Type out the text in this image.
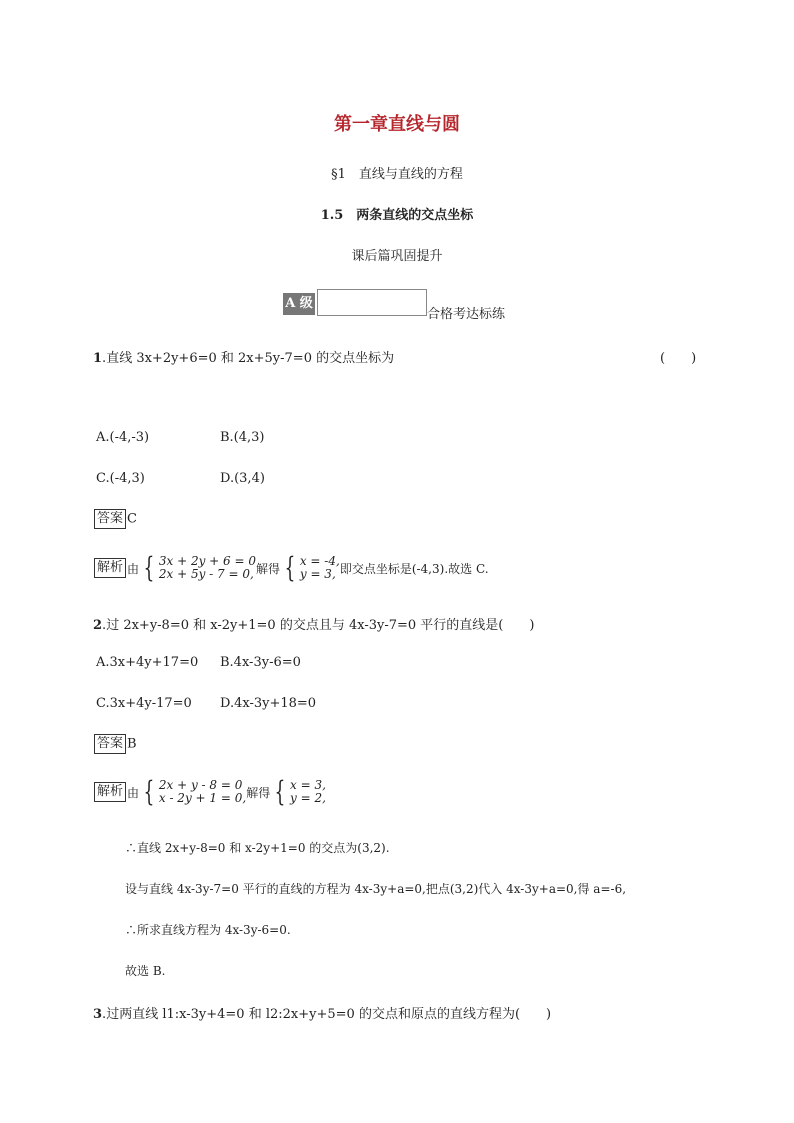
第一章直线与圆
§1　直线与直线的方程
1.5　两条直线的交点坐标
课后篇巩固提升
A 级
合格考达标练
1.直线 3x+2y+6=0 和 2x+5y-7=0 的交点坐标为	(　　)
A.(-4,-3)	B.(4,3)
C.(-4,3)	D.(3,4)
答案 C
解析 由 { 3x + 2y + 6 = 0
2x + 5y - 7 = 0, 解得 { x = -4,
y = 3, 即交点坐标是(-4,3).故选 C.
2.过 2x+y-8=0 和 x-2y+1=0 的交点且与 4x-3y-7=0 平行的直线是(　　)
A.3x+4y+17=0 B.4x-3y-6=0
C.3x+4y-17=0 D.4x-3y+18=0
答案 B
解析 由 { 2x + y - 8 = 0
x - 2y + 1 = 0, 解得 { x = 3,
y = 2,
∴直线 2x+y-8=0 和 x-2y+1=0 的交点为(3,2).
设与直线 4x-3y-7=0 平行的直线的方程为 4x-3y+a=0,把点(3,2)代入 4x-3y+a=0,得 a=-6,
∴所求直线方程为 4x-3y-6=0.
故选 B.
3.过两直线 l1:x-3y+4=0 和 l2:2x+y+5=0 的交点和原点的直线方程为(　　)
